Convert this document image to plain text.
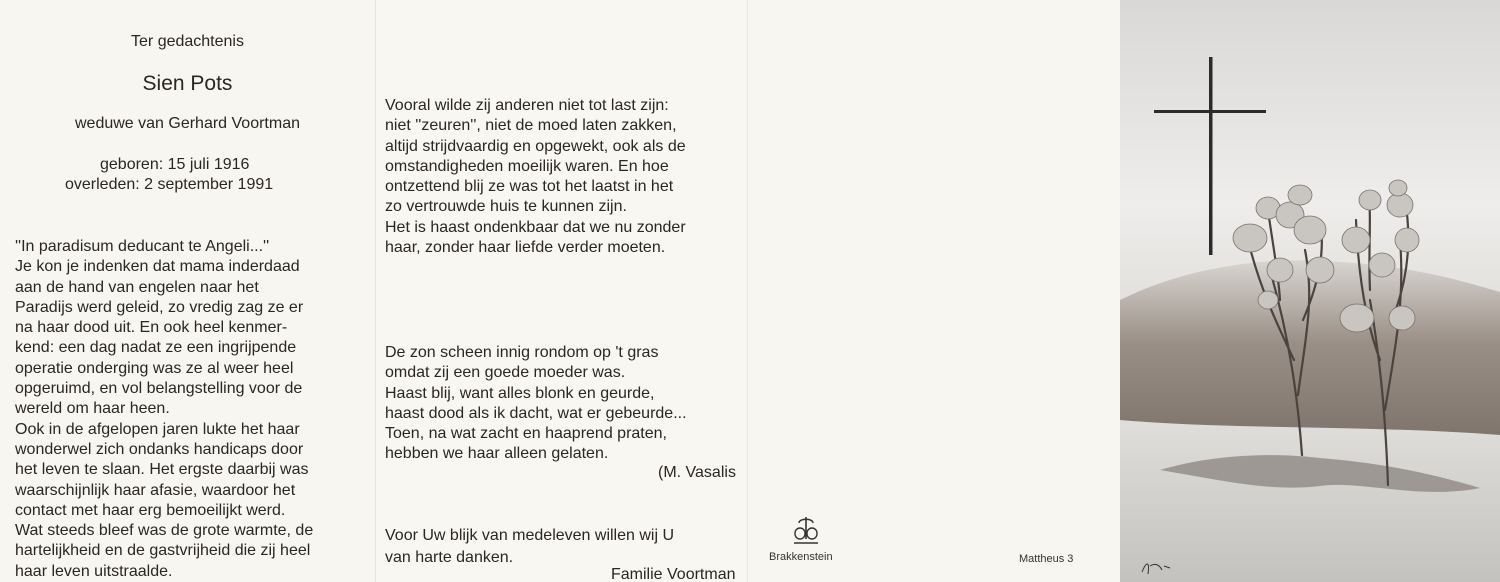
Ter gedachtenis
Sien Pots
weduwe van Gerhard Voortman
geboren: 15 juli 1916
overleden: 2 september 1991
''In paradisum deducant te Angeli...''
Je kon je indenken dat mama inderdaad
aan de hand van engelen naar het
Paradijs werd geleid, zo vredig zag ze er
na haar dood uit. En ook heel kenmer-
kend: een dag nadat ze een ingrijpende
operatie onderging was ze al weer heel
opgeruimd, en vol belangstelling voor de
wereld om haar heen.
Ook in de afgelopen jaren lukte het haar
wonderwel zich ondanks handicaps door
het leven te slaan. Het ergste daarbij was
waarschijnlijk haar afasie, waardoor het
contact met haar erg bemoeilijkt werd.
Wat steeds bleef was de grote warmte, de
hartelijkheid en de gastvrijheid die zij heel
haar leven uitstraalde.
Vooral wilde zij anderen niet tot last zijn:
niet ''zeuren'', niet de moed laten zakken,
altijd strijdvaardig en opgewekt, ook als de
omstandigheden moeilijk waren. En hoe
ontzettend blij ze was tot het laatst in het
zo vertrouwde huis te kunnen zijn.
Het is haast ondenkbaar dat we nu zonder
haar, zonder haar liefde verder moeten.
De zon scheen innig rondom op 't gras
omdat zij een goede moeder was.
Haast blij, want alles blonk en geurde,
haast dood als ik dacht, wat er gebeurde...
Toen, na wat zacht en haaprend praten,
hebben we haar alleen gelaten.
(M. Vasalis
Voor Uw blijk van medeleven willen wij U
van harte danken.
Familie Voortman
Brakkenstein	Mattheus 3
